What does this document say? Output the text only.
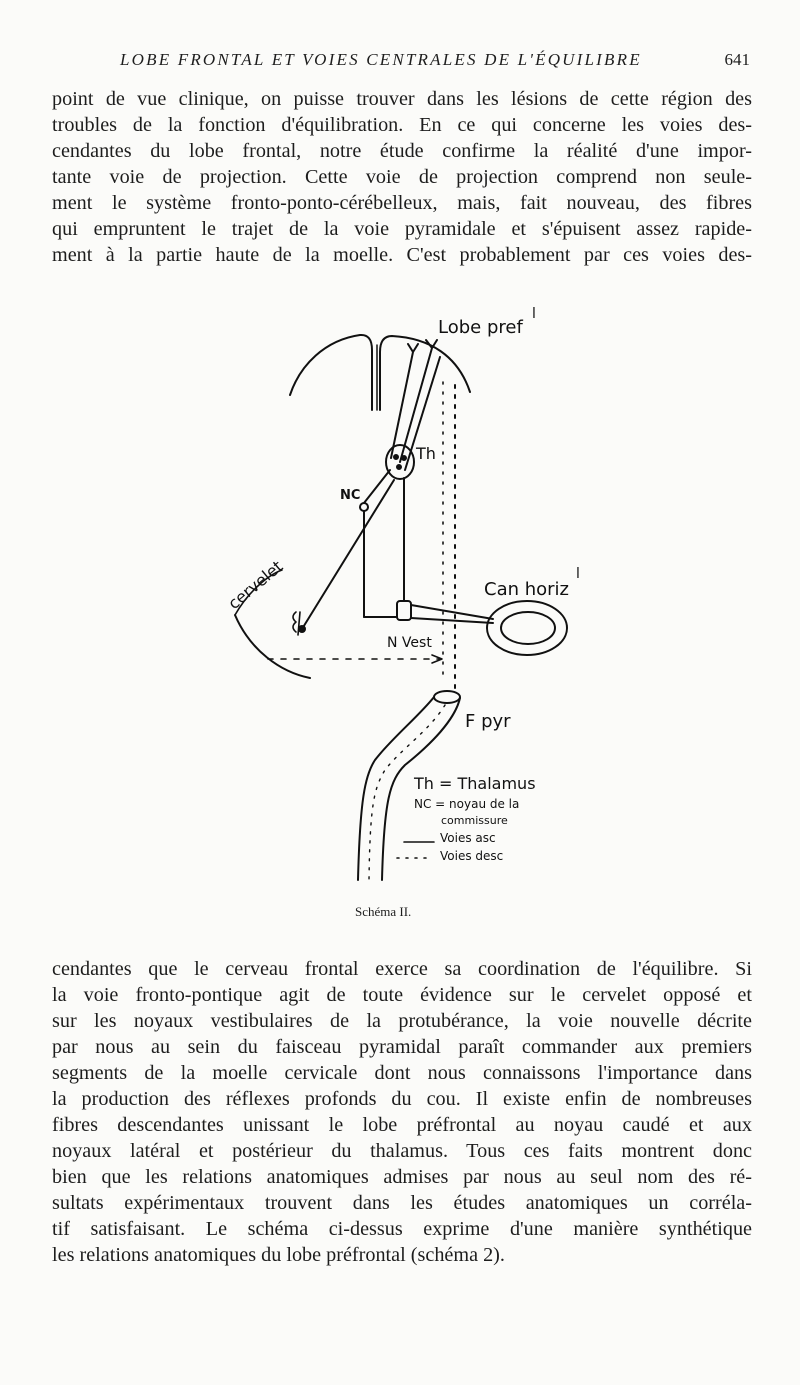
LOBE FRONTAL ET VOIES CENTRALES DE L'ÉQUILIBRE	641

point de vue clinique, on puisse trouver dans les lésions de cette région des
troubles de la fonction d'équilibration. En ce qui concerne les voies des-
cendantes du lobe frontal, notre étude confirme la réalité d'une impor-
tante voie de projection. Cette voie de projection comprend non seule-
ment le système fronto-ponto-cérébelleux, mais, fait nouveau, des fibres
qui empruntent le trajet de la voie pyramidale et s'épuisent assez rapide-
ment à la partie haute de la moelle. C'est probablement par ces voies des-

Lobe pref
l
Th
NC
cervelet	Can horiz
l
N Vest
F pyr
Th = Thalamus
NC = noyau de la
commissure
Voies asc
Voies desc
Schéma II.

cendantes que le cerveau frontal exerce sa coordination de l'équilibre. Si
la voie fronto-pontique agit de toute évidence sur le cervelet opposé et
sur les noyaux vestibulaires de la protubérance, la voie nouvelle décrite
par nous au sein du faisceau pyramidal paraît commander aux premiers
segments de la moelle cervicale dont nous connaissons l'importance dans
la production des réflexes profonds du cou. Il existe enfin de nombreuses
fibres descendantes unissant le lobe préfrontal au noyau caudé et aux
noyaux latéral et postérieur du thalamus. Tous ces faits montrent donc
bien que les relations anatomiques admises par nous au seul nom des ré-
sultats expérimentaux trouvent dans les études anatomiques un corréla-
tif satisfaisant. Le schéma ci-dessus exprime d'une manière synthétique
les relations anatomiques du lobe préfrontal (schéma 2).
